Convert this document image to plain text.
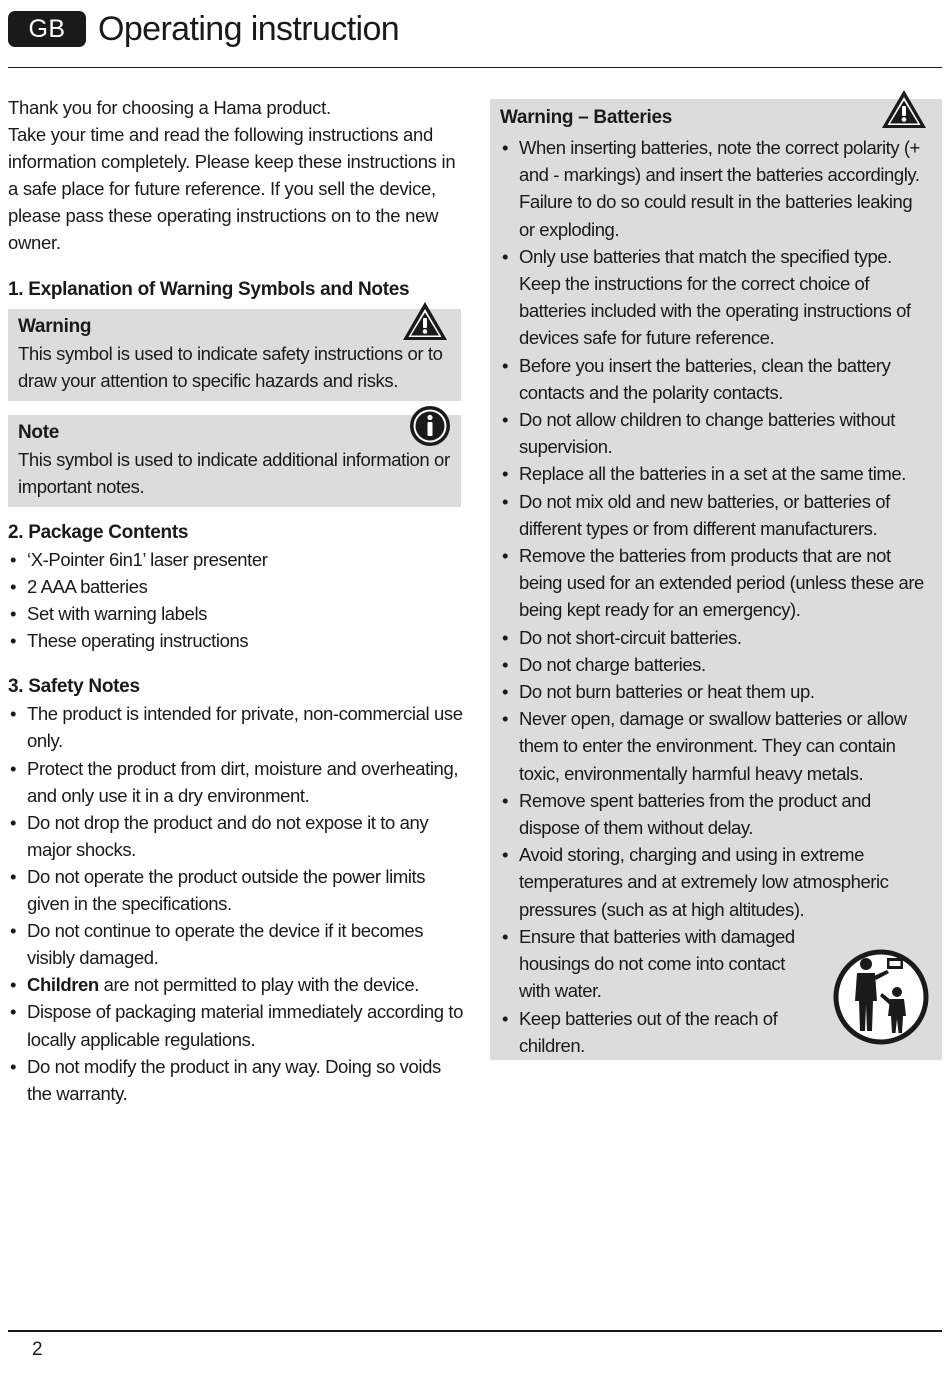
GB Operating instruction

Thank you for choosing a Hama product.

Take your time and read the following instructions and information completely. Please keep these instructions in a safe place for future reference. If you sell the device, please pass these operating instructions on to the new owner.

1. Explanation of Warning Symbols and Notes
Warning
This symbol is used to indicate safety instructions or to draw your attention to specific hazards and risks.
Note
This symbol is used to indicate additional information or important notes.
2. Package Contents
• ‘X-Pointer 6in1’ laser presenter
• 2 AAA batteries
• Set with warning labels
• These operating instructions
3. Safety Notes
• The product is intended for private, non-commercial use only.
• Protect the product from dirt, moisture and overheating, and only use it in a dry environment.
• Do not drop the product and do not expose it to any major shocks.
• Do not operate the product outside the power limits given in the specifications.
• Do not continue to operate the device if it becomes visibly damaged.
• Children are not permitted to play with the device.
• Dispose of packaging material immediately according to locally applicable regulations.
• Do not modify the product in any way. Doing so voids the warranty.
Warning – Batteries
• When inserting batteries, note the correct polarity (+ and - markings) and insert the batteries accordingly. Failure to do so could result in the batteries leaking or exploding.
• Only use batteries that match the specified type. Keep the instructions for the correct choice of batteries included with the operating instructions of devices safe for future reference.
• Before you insert the batteries, clean the battery contacts and the polarity contacts.
• Do not allow children to change batteries without supervision.
• Replace all the batteries in a set at the same time.
• Do not mix old and new batteries, or batteries of different types or from different manufacturers.
• Remove the batteries from products that are not being used for an extended period (unless these are being kept ready for an emergency).
• Do not short-circuit batteries.
• Do not charge batteries.
• Do not burn batteries or heat them up.
• Never open, damage or swallow batteries or allow them to enter the environment. They can contain toxic, environmentally harmful heavy metals.
• Remove spent batteries from the product and dispose of them without delay.
• Avoid storing, charging and using in extreme temperatures and at extremely low atmospheric pressures (such as at high altitudes).
• Ensure that batteries with damaged housings do not come into contact with water.
• Keep batteries out of the reach of children.
2
